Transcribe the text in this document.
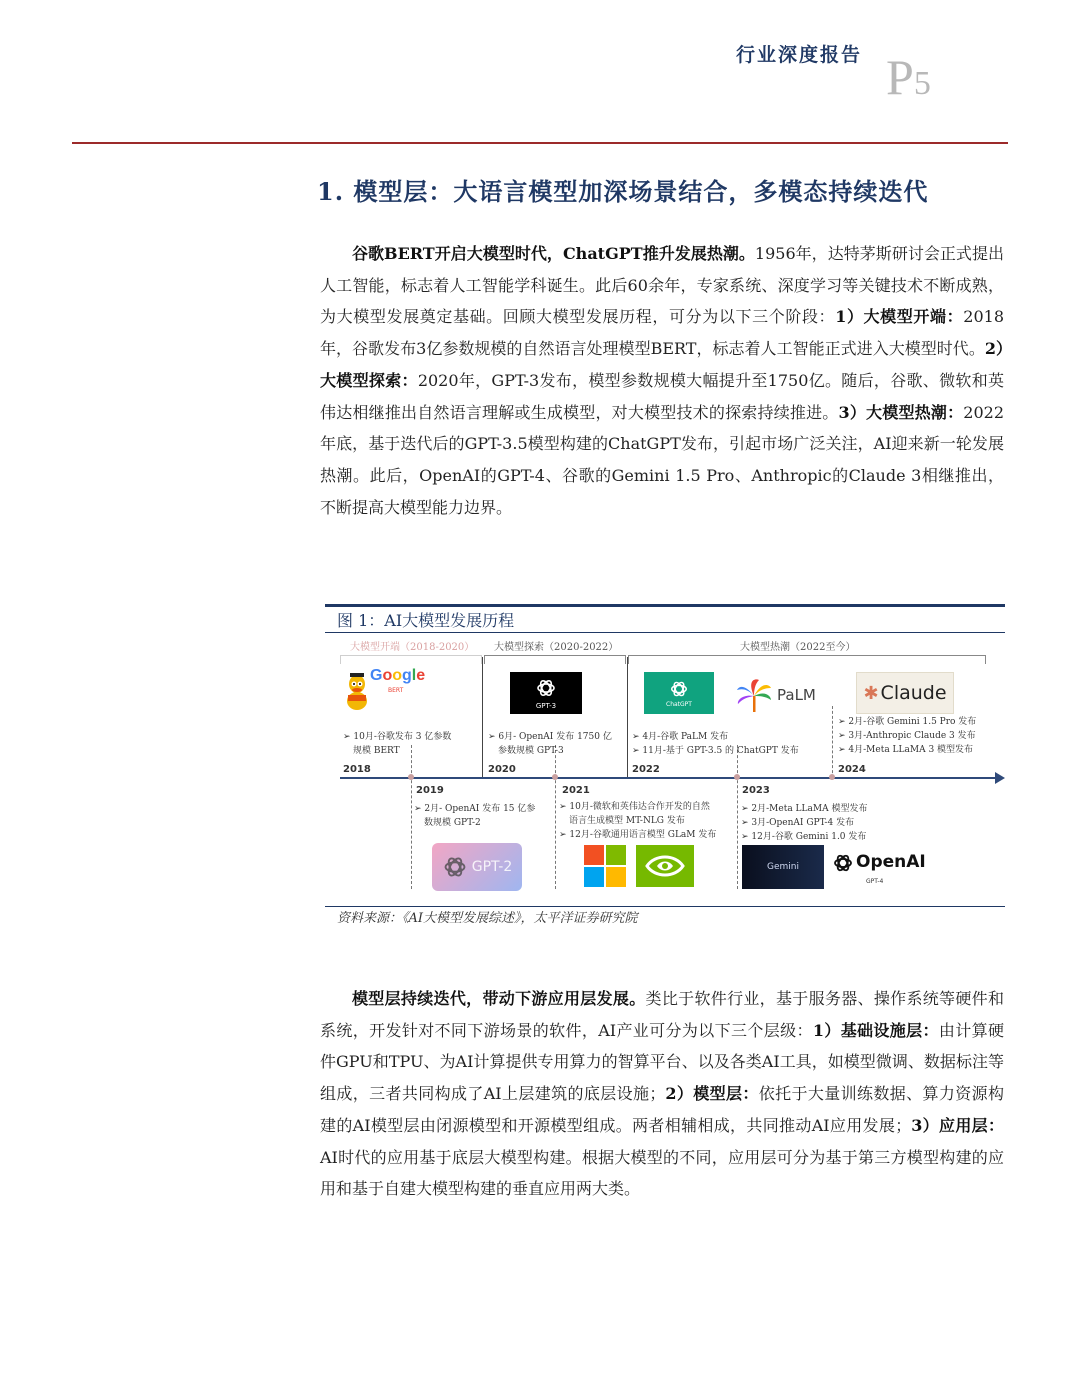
行业深度报告 P5
1. 模型层：大语言模型加深场景结合，多模态持续迭代
谷歌BERT开启大模型时代，ChatGPT推升发展热潮。1956年，达特茅斯研讨会正式提出人工智能，标志着人工智能学科诞生。此后60余年，专家系统、深度学习等关键技术不断成熟，为大模型发展奠定基础。回顾大模型发展历程，可分为以下三个阶段：1）大模型开端：2018年，谷歌发布3亿参数规模的自然语言处理模型BERT，标志着人工智能正式进入大模型时代。2）大模型探索：2020年，GPT-3发布，模型参数规模大幅提升至1750亿。随后，谷歌、微软和英伟达相继推出自然语言理解或生成模型，对大模型技术的探索持续推进。3）大模型热潮：2022年底，基于迭代后的GPT-3.5模型构建的ChatGPT发布，引起市场广泛关注，AI迎来新一轮发展热潮。此后，OpenAI的GPT-4、谷歌的Gemini 1.5 Pro、Anthropic的Claude 3相继推出，不断提高大模型能力边界。
图 1：AI大模型发展历程
大模型开端（2018-2020） 大模型探索（2020-2022）	大模型热潮（2022至今）
2018	2020	2022	2024
2019	2021	2023
➢ 10月-谷歌发布 3 亿参数
规模 BERT
➢ 6月- OpenAI 发布 1750 亿
参数规模 GPT-3
➢ 4月-谷歌 PaLM 发布
➢ 11月-基于 GPT-3.5 的 ChatGPT 发布
➢ 2月-谷歌 Gemini 1.5 Pro 发布
➢ 3月-Anthropic Claude 3 发布
➢ 4月-Meta LLaMA 3 模型发布
➢ 2月- OpenAI 发布 15 亿参
数规模 GPT-2
➢ 10月-微软和英伟达合作开发的自然
语言生成模型 MT-NLG 发布
➢ 12月-谷歌通用语言模型 GLaM 发布
➢ 2月-Meta LLaMA 模型发布
➢ 3月-OpenAI GPT-4 发布
➢ 12月-谷歌 Gemini 1.0 发布
Google
BERT
GPT-3	ChatGPT	PaLM	✱ Claude
GPT-2	Gemini	OpenAI
GPT-4
资料来源：《AI大模型发展综述》，太平洋证券研究院
模型层持续迭代，带动下游应用层发展。类比于软件行业，基于服务器、操作系统等硬件和系统，开发针对不同下游场景的软件，AI产业可分为以下三个层级：1）基础设施层：由计算硬件GPU和TPU、为AI计算提供专用算力的智算平台、以及各类AI工具，如模型微调、数据标注等组成，三者共同构成了AI上层建筑的底层设施；2）模型层：依托于大量训练数据、算力资源构建的AI模型层由闭源模型和开源模型组成。两者相辅相成，共同推动AI应用发展；3）应用层：AI时代的应用基于底层大模型构建。根据大模型的不同，应用层可分为基于第三方模型构建的应用和基于自建大模型构建的垂直应用两大类。
